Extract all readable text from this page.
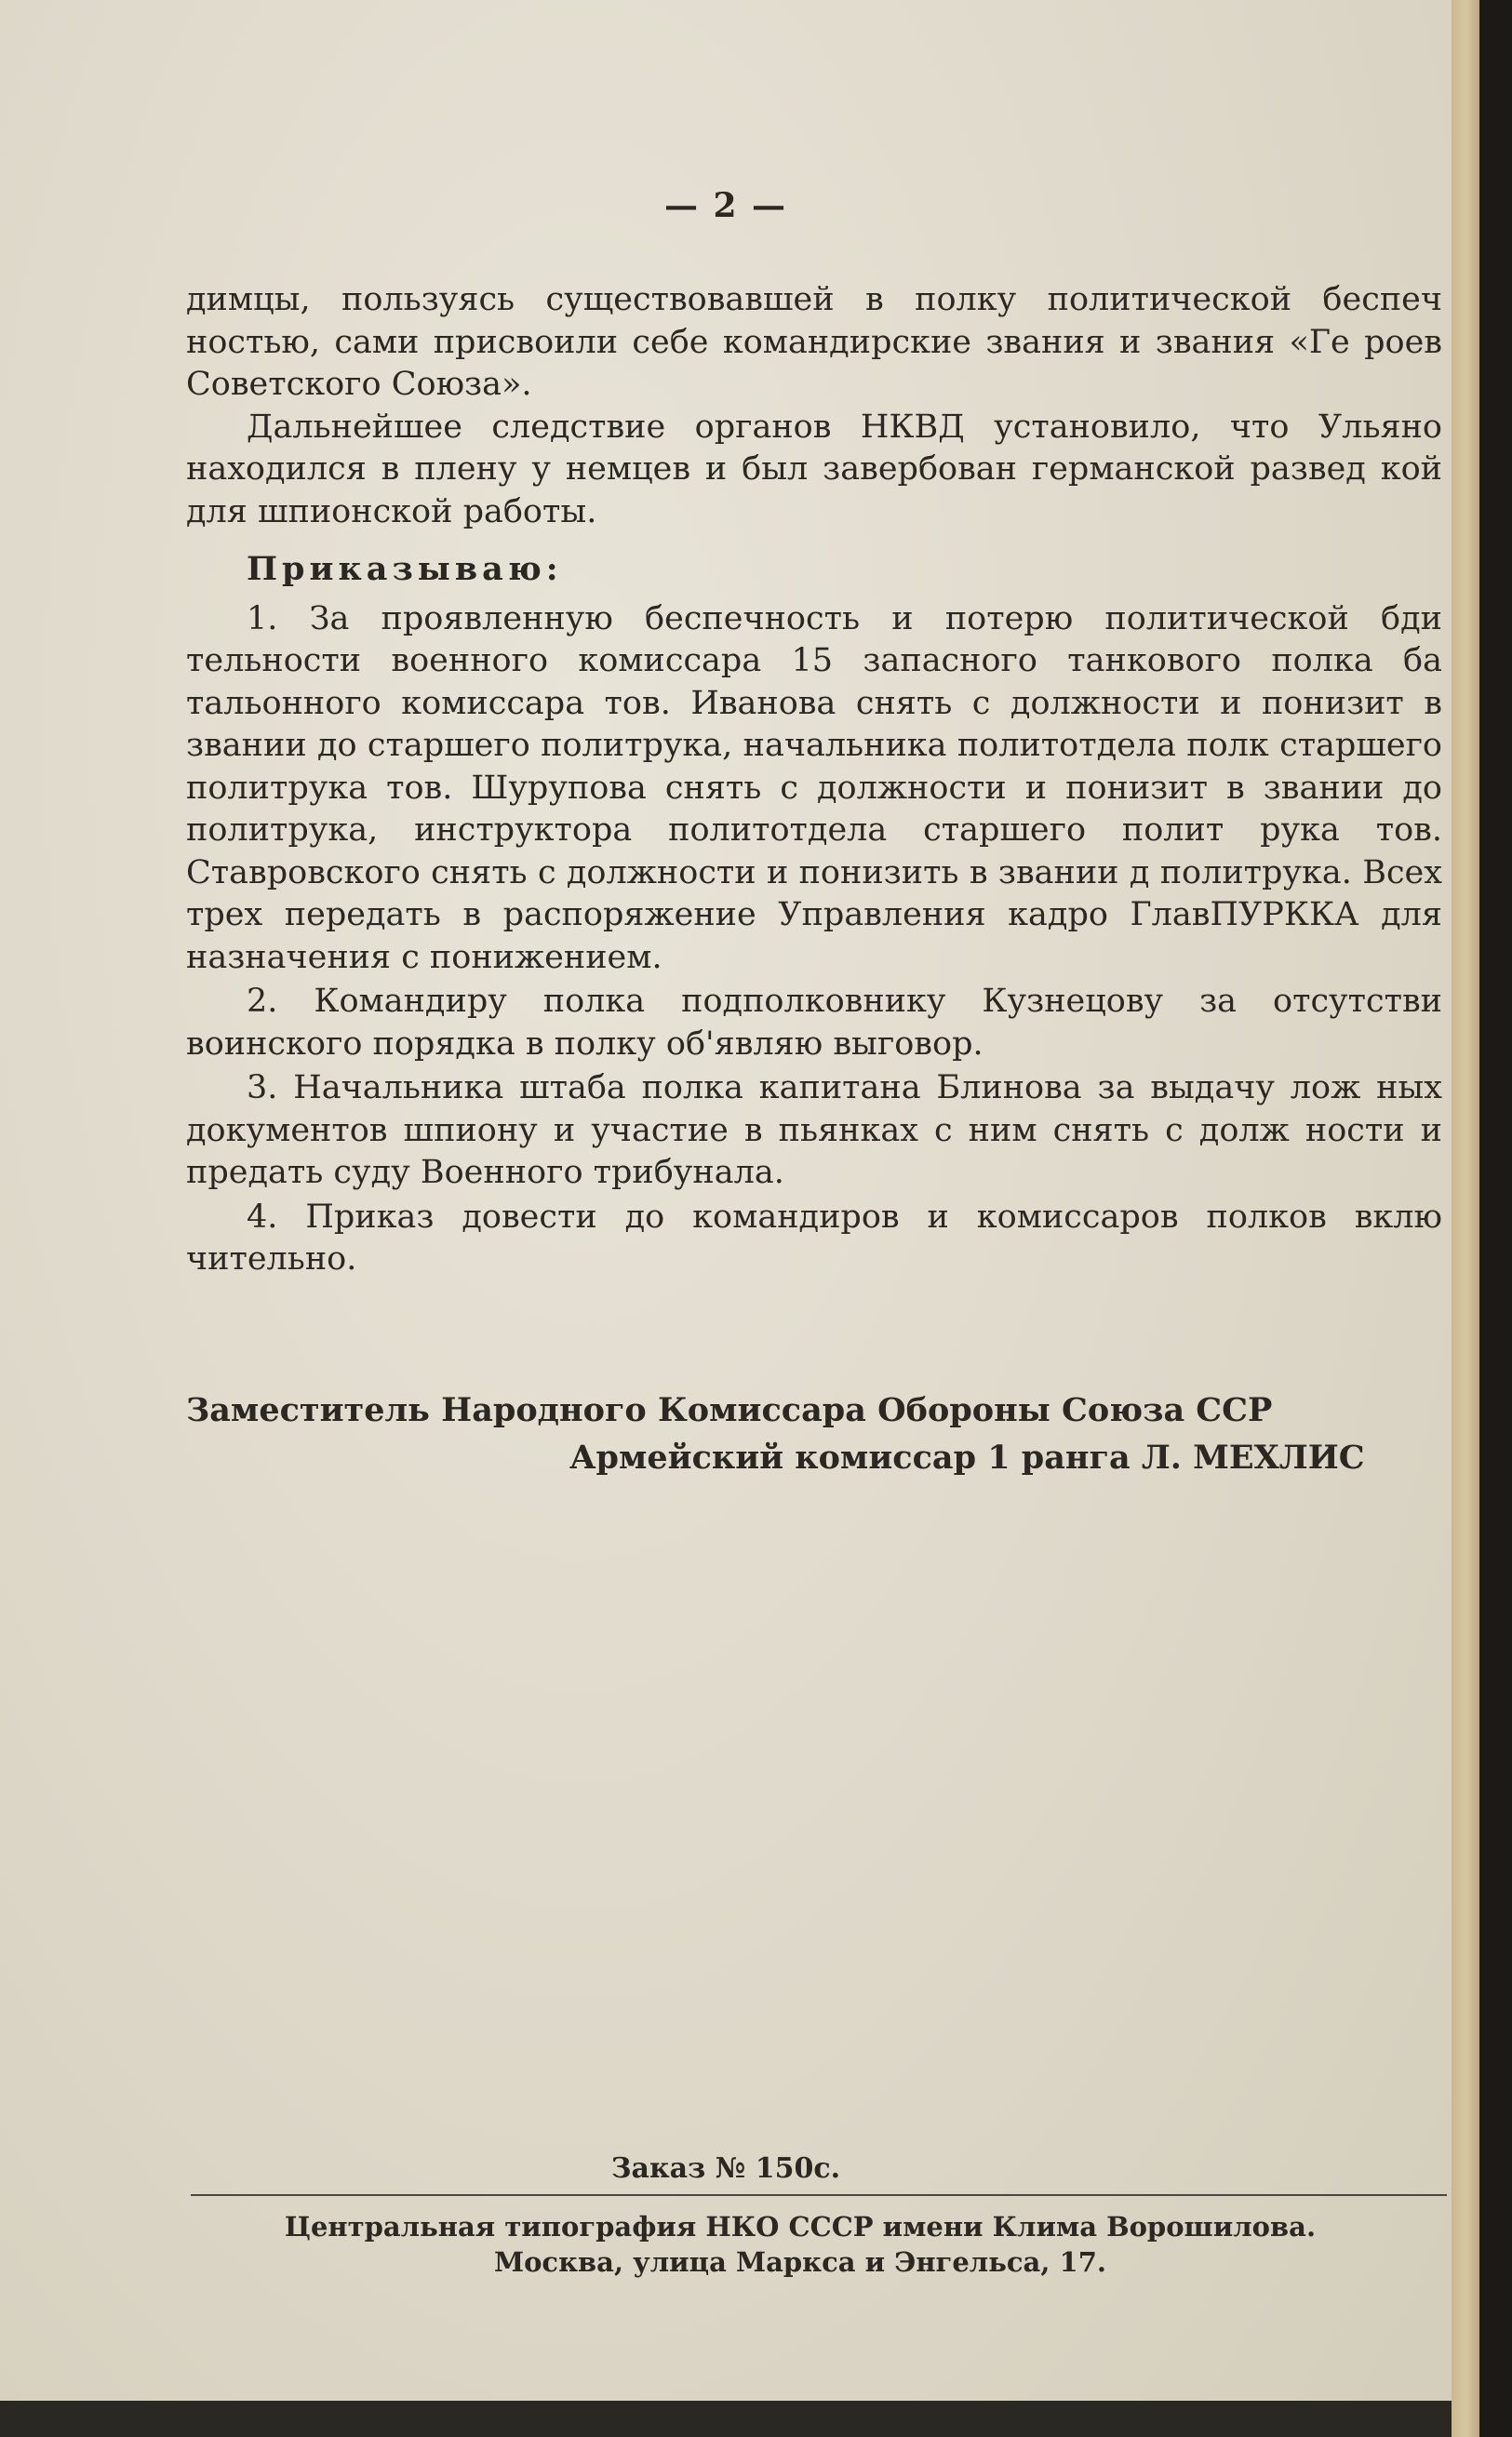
— 2 —

димцы, пользуясь существовавшей в полку политической беспеч ностью, сами присвоили себе командирские звания и звания «Ге роев Советского Союза».

Дальнейшее следствие органов НКВД установило, что Ульяно находился в плену у немцев и был завербован германской развед кой для шпионской работы.

Приказываю:

1. За проявленную беспечность и потерю политической бди тельности военного комиссара 15 запасного танкового полка ба тальонного комиссара тов. Иванова снять с должности и понизит в звании до старшего политрука, начальника политотдела полк старшего политрука тов. Шурупова снять с должности и понизит в звании до политрука, инструктора политотдела старшего полит рука тов. Ставровского снять с должности и понизить в звании д политрука. Всех трех передать в распоряжение Управления кадро ГлавПУРККА для назначения с понижением.

2. Командиру полка подполковнику Кузнецову за отсутстви воинского порядка в полку об'являю выговор.

3. Начальника штаба полка капитана Блинова за выдачу лож ных документов шпиону и участие в пьянках с ним снять с долж ности и предать суду Военного трибунала.

4. Приказ довести до командиров и комиссаров полков вклю чительно.

Заместитель Народного Комиссара Обороны Союза ССР
Армейский комиссар 1 ранга Л. МЕХЛИС
Заказ № 150с.
Центральная типография НКО СССР имени Клима Ворошилова.
Москва, улица Маркса и Энгельса, 17.
